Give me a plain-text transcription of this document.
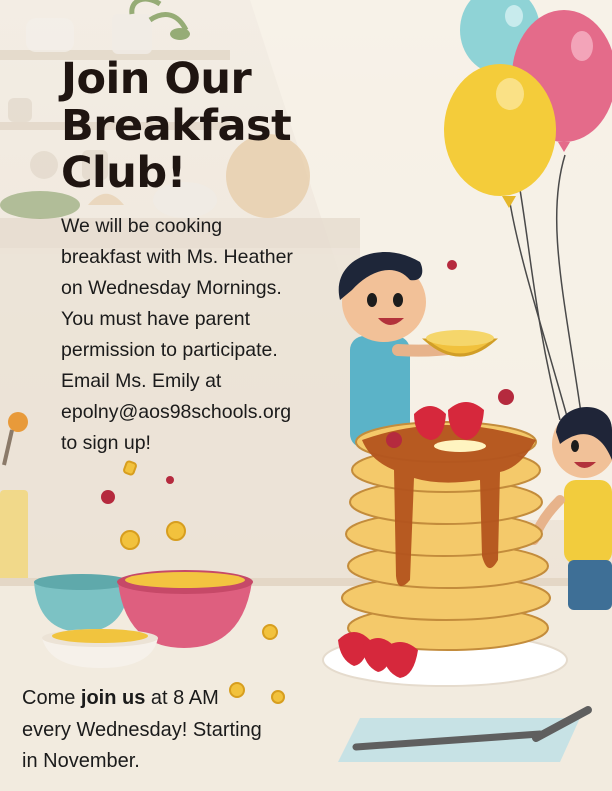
Join Our
Breakfast
Club!
We will be cooking
breakfast with Ms. Heather
on Wednesday Mornings.
You must have parent
permission to participate.
Email Ms. Emily at
epolny@aos98schools.org
to sign up!
Come join us at 8 AM
every Wednesday! Starting
in November.
